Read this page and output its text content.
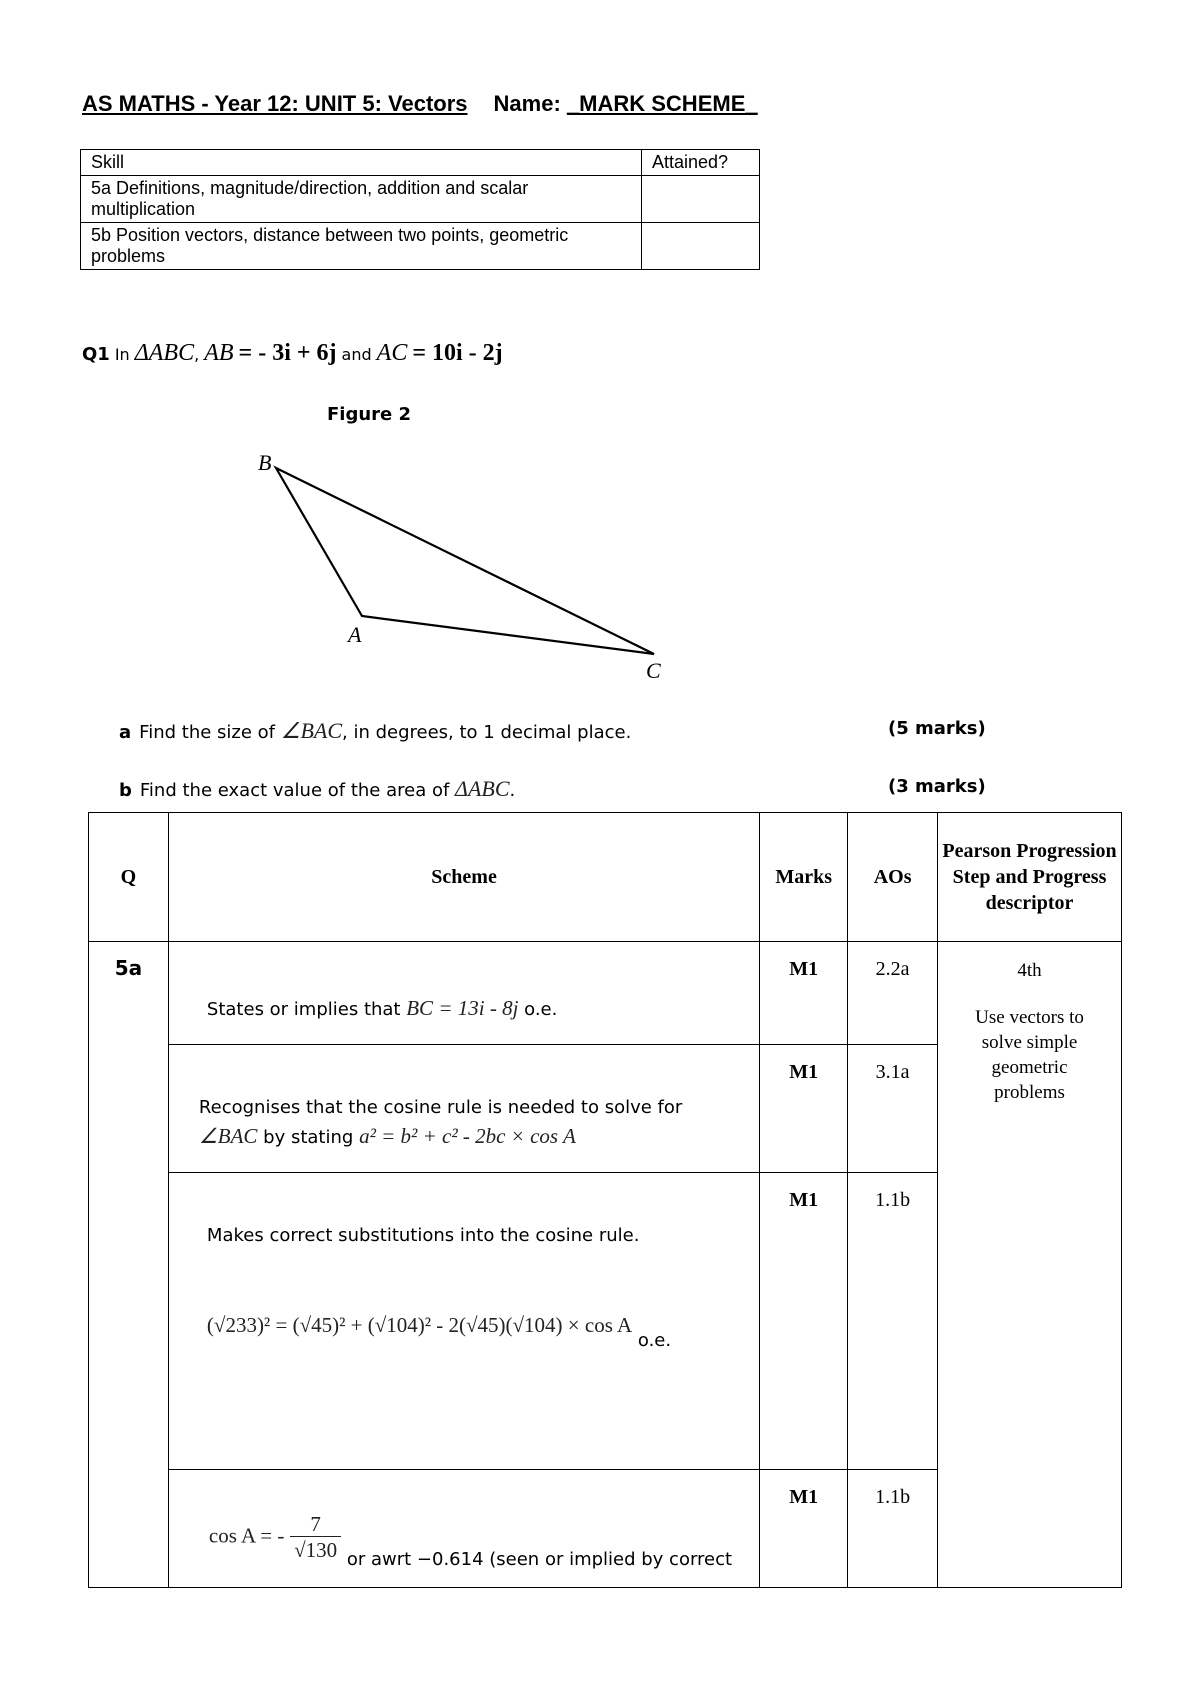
AS MATHS - Year 12: UNIT 5: Vectors Name: _MARK SCHEME_
Skill	Attained?
5a Definitions, magnitude/direction, addition and scalar multiplication	
5b Position vectors, distance between two points, geometric problems	
Q1 In ΔABC, AB = - 3i + 6j and AC = 10i - 2j
Figure 2
B
A
C
a Find the size of ∠BAC, in degrees, to 1 decimal place.	(5 marks)
b Find the exact value of the area of ΔABC.	(3 marks)
Q	Scheme	Marks	AOs	Pearson Progression Step and Progress descriptor
5a	States or implies that BC = 13i - 8j o.e.	M1	2.2a	4th
Use vectors to solve simple geometric problems

	Recognises that the cosine rule is needed to solve for
∠BAC by stating a² = b² + c² - 2bc × cos A	M1	3.1a	

	Makes correct substitutions into the cosine rule.
(√233)² = (√45)² + (√104)² - 2(√45)(√104) × cos A o.e.	M1	1.1b	

	cos A = - $\frac{7}{√130}$ or awrt −0.614 (seen or implied by correct	M1	1.1b	
